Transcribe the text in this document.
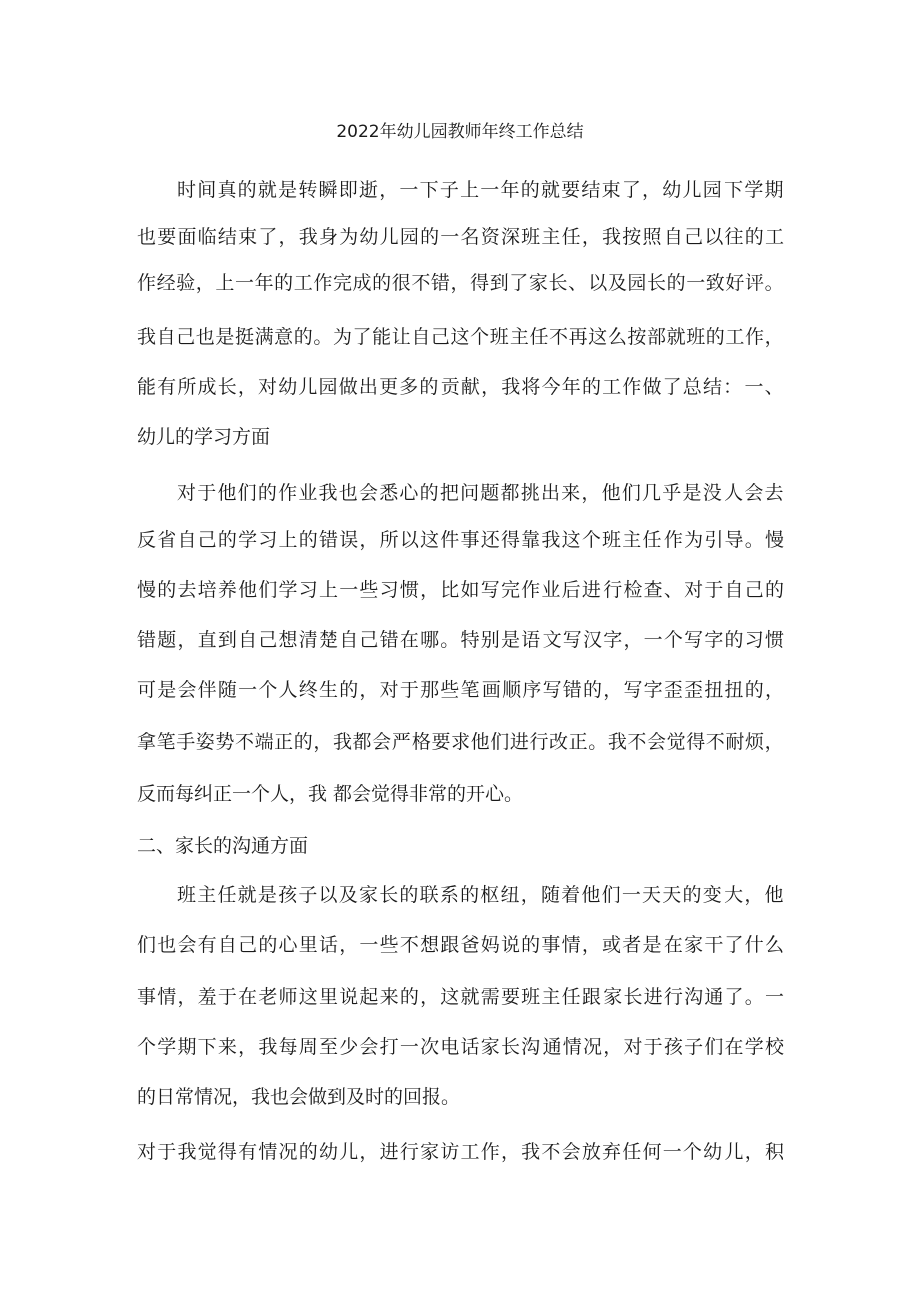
2022年幼儿园教师年终工作总结
时 间 真 的 就 是 转 瞬 即 逝 ， 一 下 子 上 一 年 的 就 要 结 束 了 ， 幼 儿 园 下 学 期
也 要 面 临 结 束 了 ， 我 身 为 幼 儿 园 的 一 名 资 深 班 主 任 ， 我 按 照 自 己 以 往 的 工
作 经 验 ， 上 一 年 的 工 作 完 成 的 很 不 错 ， 得 到 了 家 长 、 以 及 园 长 的 一 致 好 评 。
我 自 己 也 是 挺 满 意 的 。 为 了 能 让 自 己 这 个 班 主 任 不 再 这 么 按 部 就 班 的 工 作 ，
能 有 所 成 长 ， 对 幼 儿 园 做 出 更 多 的 贡 献 ， 我 将 今 年 的 工 作 做 了 总 结 ： 一 、
幼儿的学习方面
对 于 他 们 的 作 业 我 也 会 悉 心 的 把 问 题 都 挑 出 来 ， 他 们 几 乎 是 没 人 会 去
反 省 自 己 的 学 习 上 的 错 误 ， 所 以 这 件 事 还 得 靠 我 这 个 班 主 任 作 为 引 导 。 慢
慢 的 去 培 养 他 们 学 习 上 一 些 习 惯 ， 比 如 写 完 作 业 后 进 行 检 查 、 对 于 自 己 的
错 题 ， 直 到 自 己 想 清 楚 自 己 错 在 哪 。 特 别 是 语 文 写 汉 字 ， 一 个 写 字 的 习 惯
可 是 会 伴 随 一 个 人 终 生 的 ， 对 于 那 些 笔 画 顺 序 写 错 的 ， 写 字 歪 歪 扭 扭 的 ，
拿 笔 手 姿 势 不 端 正 的 ， 我 都 会 严 格 要 求 他 们 进 行 改 正 。 我 不 会 觉 得 不 耐 烦 ，
反而每纠正一个人，我 都会觉得非常的开心。
二、家长的沟通方面
班 主 任 就 是 孩 子 以 及 家 长 的 联 系 的 枢 纽 ， 随 着 他 们 一 天 天 的 变 大 ， 他
们 也 会 有 自 己 的 心 里 话 ， 一 些 不 想 跟 爸 妈 说 的 事 情 ， 或 者 是 在 家 干 了 什 么
事 情 ， 羞 于 在 老 师 这 里 说 起 来 的 ， 这 就 需 要 班 主 任 跟 家 长 进 行 沟 通 了 。 一
个 学 期 下 来 ， 我 每 周 至 少 会 打 一 次 电 话 家 长 沟 通 情 况 ， 对 于 孩 子 们 在 学 校
的日常情况，我也会做到及时的回报。
对 于 我 觉 得 有 情 况 的 幼 儿 ， 进 行 家 访 工 作 ， 我 不 会 放 弃 任 何 一 个 幼 儿 ， 积
